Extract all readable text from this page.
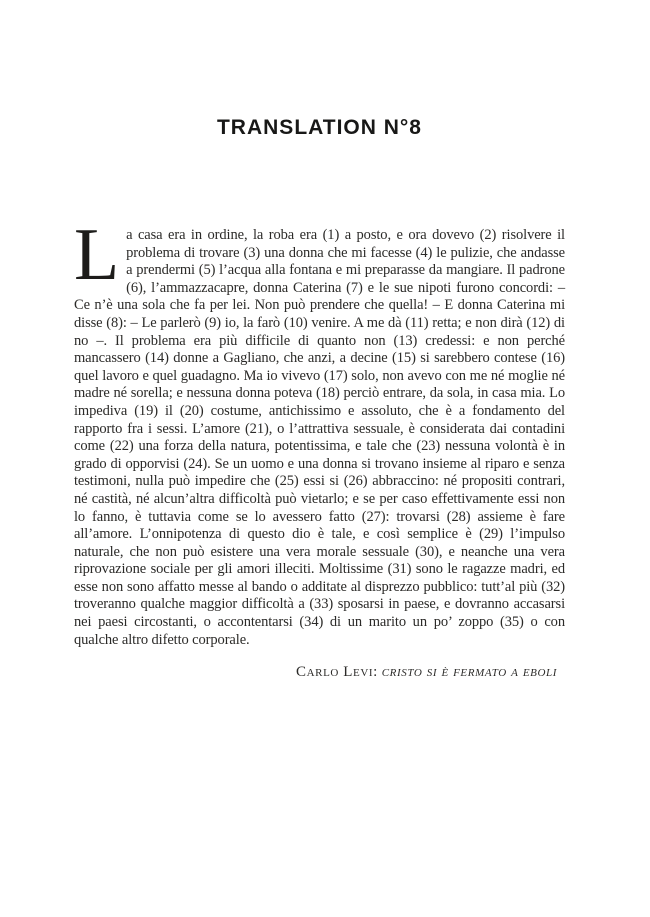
TRANSLATION N°8

La casa era in ordine, la roba era (1) a posto, e ora dovevo (2) risolvere il problema di trovare (3) una donna che mi facesse (4) le pulizie, che andasse a prendermi (5) l’acqua alla fontana e mi preparasse da mangiare. Il padrone (6), l’ammazzacapre, donna Caterina (7) e le sue nipoti furono concordi: – Ce n’è una sola che fa per lei. Non può prendere che quella! – E donna Caterina mi disse (8): – Le parlerò (9) io, la farò (10) venire. A me dà (11) retta; e non dirà (12) di no –. Il problema era più difficile di quanto non (13) credessi: e non perché mancassero (14) donne a Gagliano, che anzi, a decine (15) si sarebbero contese (16) quel lavoro e quel guadagno. Ma io vivevo (17) solo, non avevo con me né moglie né madre né sorella; e nessuna donna poteva (18) perciò entrare, da sola, in casa mia. Lo impediva (19) il (20) costume, antichissimo e assoluto, che è a fondamento del rapporto fra i sessi. L’amore (21), o l’attrattiva sessuale, è considerata dai contadini come (22) una forza della natura, potentissima, e tale che (23) nessuna volontà è in grado di opporvisi (24). Se un uomo e una donna si trovano insieme al riparo e senza testimoni, nulla può impedire che (25) essi si (26) abbraccino: né propositi contrari, né castità, né alcun’altra difficoltà può vietarlo; e se per caso effettivamente essi non lo fanno, è tuttavia come se lo avessero fatto (27): trovarsi (28) assieme è fare all’amore. L’onnipotenza di questo dio è tale, e così semplice è (29) l’impulso naturale, che non può esistere una vera morale sessuale (30), e neanche una vera riprovazione sociale per gli amori illeciti. Moltissime (31) sono le ragazze madri, ed esse non sono affatto messe al bando o additate al disprezzo pubblico: tutt’al più (32) troveranno qualche maggior difficoltà a (33) sposarsi in paese, e dovranno accasarsi nei paesi circostanti, o accontentarsi (34) di un marito un po’ zoppo (35) o con qualche altro difetto corporale.

Carlo Levi: cristo si è fermato a eboli
